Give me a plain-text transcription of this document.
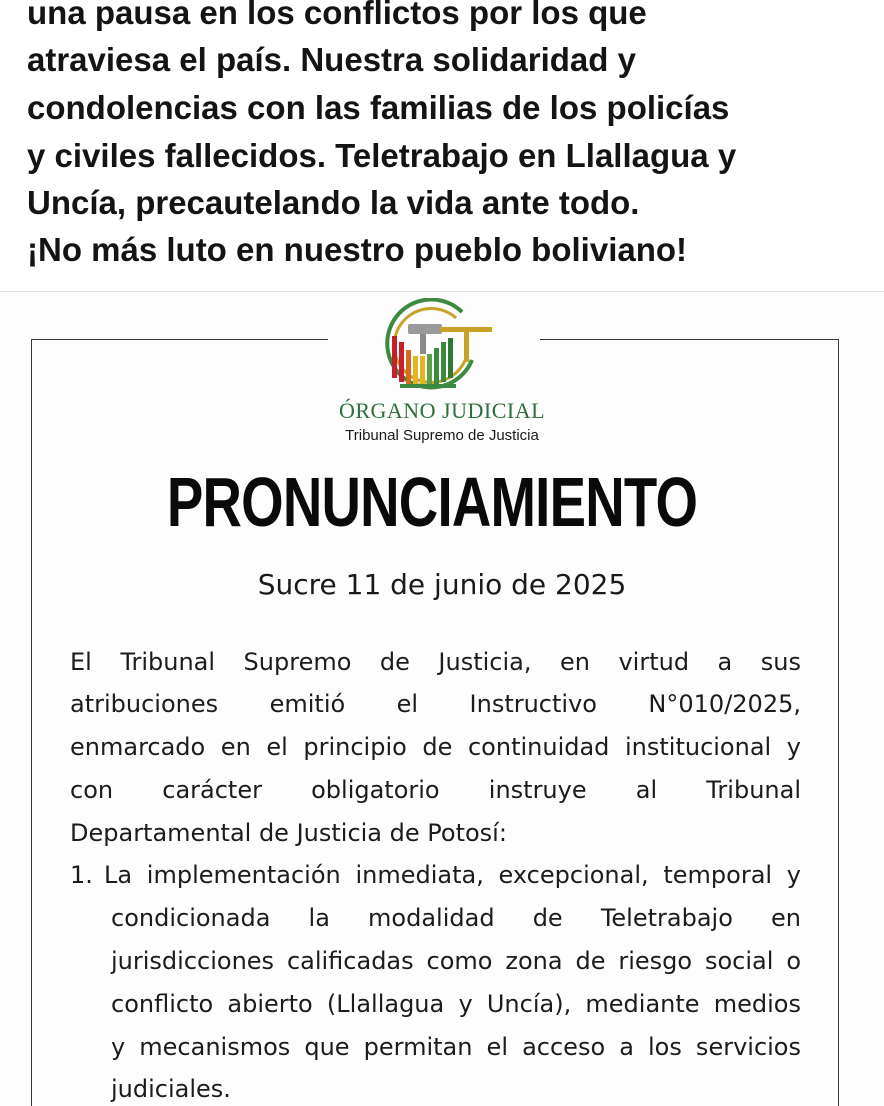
una pausa en los conflictos por los que
atraviesa el país. Nuestra solidaridad y
condolencias con las familias de los policías
y civiles fallecidos. Teletrabajo en Llallagua y
Uncía, precautelando la vida ante todo.
¡No más luto en nuestro pueblo boliviano!
ÓRGANO JUDICIAL
Tribunal Supremo de Justicia
PRONUNCIAMIENTO
Sucre 11 de junio de 2025
El Tribunal Supremo de Justicia, en virtud a sus
atribuciones emitió el Instructivo N°010/2025,
enmarcado en el principio de continuidad institucional y
con carácter obligatorio instruye al Tribunal
Departamental de Justicia de Potosí:
1. La implementación inmediata, excepcional, temporal y
condicionada la modalidad de Teletrabajo en
jurisdicciones calificadas como zona de riesgo social o
conflicto abierto (Llallagua y Uncía), mediante medios
y mecanismos que permitan el acceso a los servicios
judiciales.
